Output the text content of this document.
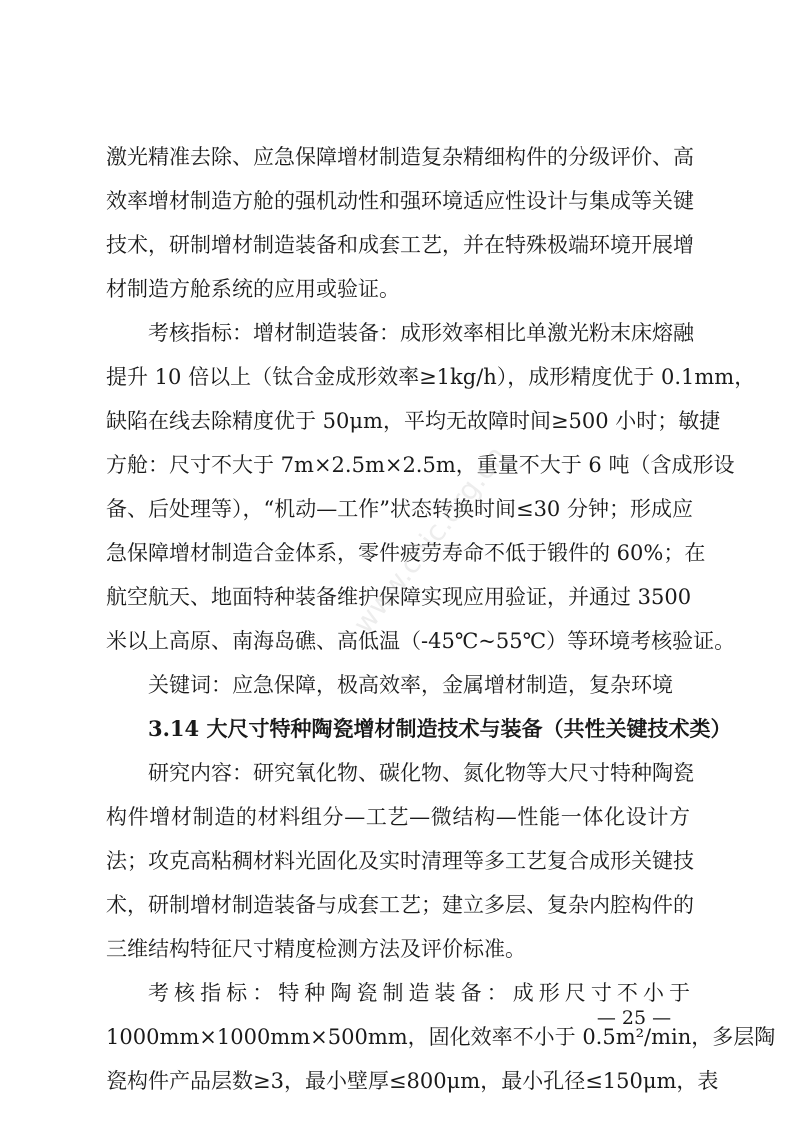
激光精准去除、应急保障增材制造复杂精细构件的分级评价、高
效率增材制造方舱的强机动性和强环境适应性设计与集成等关键
技术，研制增材制造装备和成套工艺，并在特殊极端环境开展增
材制造方舱系统的应用或验证。
考核指标：增材制造装备：成形效率相比单激光粉末床熔融
提升 10 倍以上（钛合金成形效率≥1kg/h），成形精度优于 0.1mm，
缺陷在线去除精度优于 50μm，平均无故障时间≥500 小时；敏捷
方舱：尺寸不大于 7m×2.5m×2.5m，重量不大于 6 吨（含成形设
备、后处理等），“机动—工作”状态转换时间≤30 分钟；形成应
急保障增材制造合金体系，零件疲劳寿命不低于锻件的 60%；在
航空航天、地面特种装备维护保障实现应用验证，并通过 3500
米以上高原、南海岛礁、高低温（-45℃~55℃）等环境考核验证。
关键词：应急保障，极高效率，金属增材制造，复杂环境
3.14 大尺寸特种陶瓷增材制造技术与装备（共性关键技术类）
研究内容：研究氧化物、碳化物、氮化物等大尺寸特种陶瓷
构件增材制造的材料组分—工艺—微结构—性能一体化设计方
法；攻克高粘稠材料光固化及实时清理等多工艺复合成形关键技
术，研制增材制造装备与成套工艺；建立多层、复杂内腔构件的
三维结构特征尺寸精度检测方法及评价标准。
考核指标：特种陶瓷制造装备：成形尺寸不小于
1000mm×1000mm×500mm，固化效率不小于 0.5m²/min，多层陶
瓷构件产品层数≥3，最小壁厚≤800μm，最小孔径≤150μm，表
— 25 —
www.cnic.org.cn
